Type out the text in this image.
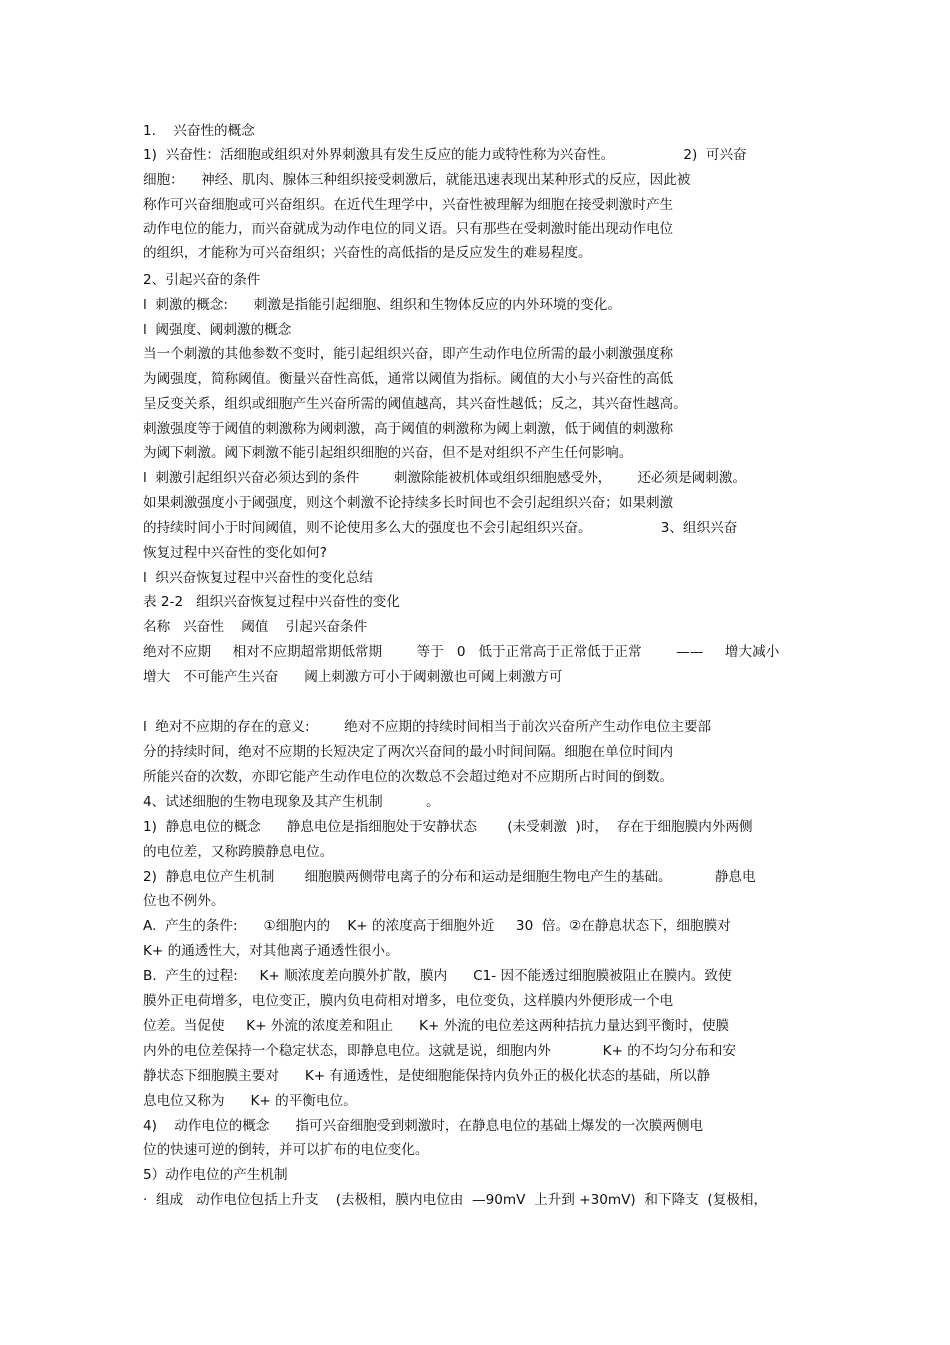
1.    兴奋性的概念
1)  兴奋性：活细胞或组织对外界刺激具有发生反应的能力或特性称为兴奋性。                2)  可兴奋
细胞：    神经、肌肉、腺体三种组织接受刺激后，就能迅速表现出某种形式的反应，因此被
称作可兴奋细胞或可兴奋组织。在近代生理学中，兴奋性被理解为细胞在接受刺激时产生
动作电位的能力，而兴奋就成为动作电位的同义语。只有那些在受刺激时能出现动作电位
的组织，才能称为可兴奋组织；兴奋性的高低指的是反应发生的难易程度。
2、引起兴奋的条件
l  刺激的概念:      刺激是指能引起细胞、组织和生物体反应的内外环境的变化。
l  阈强度、阈刺激的概念
当一个刺激的其他参数不变时，能引起组织兴奋，即产生动作电位所需的最小刺激强度称
为阈强度，简称阈值。衡量兴奋性高低，通常以阈值为指标。阈值的大小与兴奋性的高低
呈反变关系，组织或细胞产生兴奋所需的阈值越高，其兴奋性越低；反之，其兴奋性越高。
刺激强度等于阈值的刺激称为阈刺激，高于阈值的刺激称为阈上刺激，低于阈值的刺激称
为阈下刺激。阈下刺激不能引起组织细胞的兴奋，但不是对组织不产生任何影响。
l  刺激引起组织兴奋必须达到的条件        刺激除能被机体或组织细胞感受外，      还必须是阈刺激。
如果刺激强度小于阈强度，则这个刺激不论持续多长时间也不会引起组织兴奋；如果刺激
的持续时间小于时间阈值，则不论使用多么大的强度也不会引起组织兴奋。                3、组织兴奋
恢复过程中兴奋性的变化如何?
l  织兴奋恢复过程中兴奋性的变化总结
表 2-2   组织兴奋恢复过程中兴奋性的变化
名称   兴奋性    阈值    引起兴奋条件
绝对不应期     相对不应期超常期低常期        等于   0   低于正常高于正常低于正常        ——     增大减小
增大   不可能产生兴奋      阈上刺激方可小于阈刺激也可阈上刺激方可
l  绝对不应期的存在的意义:        绝对不应期的持续时间相当于前次兴奋所产生动作电位主要部
分的持续时间，绝对不应期的长短决定了两次兴奋间的最小时间间隔。细胞在单位时间内
所能兴奋的次数，亦即它能产生动作电位的次数总不会超过绝对不应期所占时间的倒数。
4、试述细胞的生物电现象及其产生机制          。
1)  静息电位的概念      静息电位是指细胞处于安静状态       (未受刺激  )时，  存在于细胞膜内外两侧
的电位差，又称跨膜静息电位。
2)  静息电位产生机制       细胞膜两侧带电离子的分布和运动是细胞生物电产生的基础。          静息电
位也不例外。
A.  产生的条件:      ①细胞内的    K+ 的浓度高于细胞外近     30  倍。②在静息状态下，细胞膜对
K+ 的通透性大，对其他离子通透性很小。
B.  产生的过程:     K+ 顺浓度差向膜外扩散，膜内      C1- 因不能透过细胞膜被阻止在膜内。致使
膜外正电荷增多，电位变正，膜内负电荷相对增多，电位变负，这样膜内外便形成一个电
位差。当促使     K+ 外流的浓度差和阻止      K+ 外流的电位差这两种拮抗力量达到平衡时，使膜
内外的电位差保持一个稳定状态，即静息电位。这就是说，细胞内外            K+ 的不均匀分布和安
静状态下细胞膜主要对      K+ 有通透性，是使细胞能保持内负外正的极化状态的基础，所以静
息电位又称为      K+ 的平衡电位。
4)    动作电位的概念      指可兴奋细胞受到刺激时，在静息电位的基础上爆发的一次膜两侧电
位的快速可逆的倒转，并可以扩布的电位变化。
5）动作电位的产生机制
·  组成   动作电位包括上升支    (去极相，膜内电位由  —90mV  上升到 +30mV)  和下降支  (复极相，
